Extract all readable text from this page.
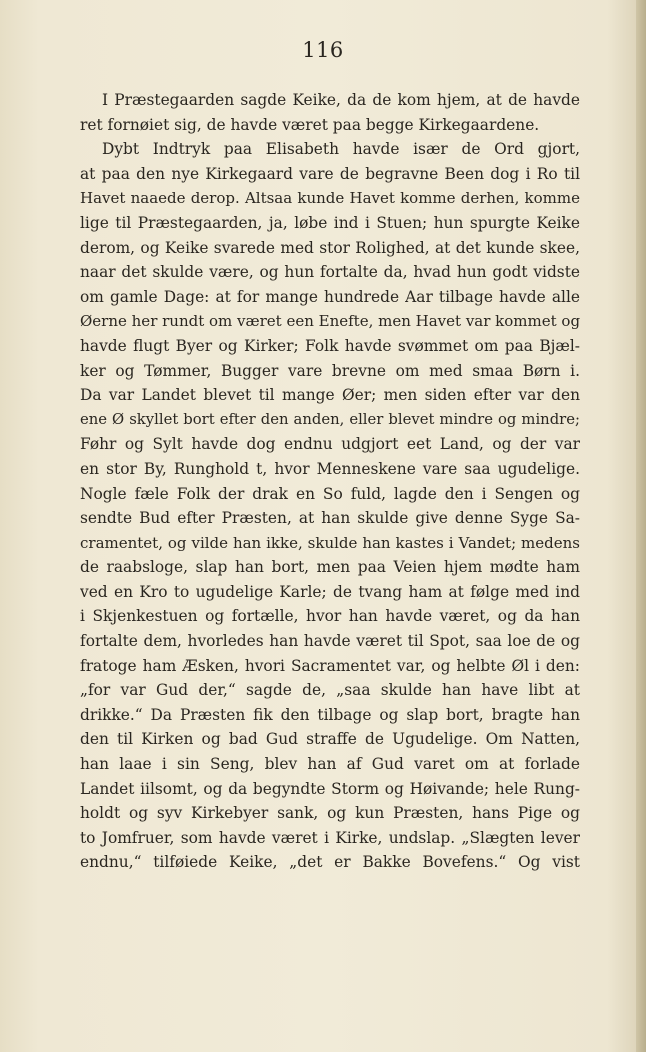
116
I Præstegaarden sagde Keike, da de kom hjem, at de havde
ret fornøiet sig, de havde været paa begge Kirkegaardene.
Dybt Indtryk paa Elisabeth havde især de Ord gjort,
at paa den nye Kirkegaard vare de begravne Been dog i Ro til
Havet naaede derop. Altsaa kunde Havet komme derhen, komme
lige til Præstegaarden, ja, løbe ind i Stuen; hun spurgte Keike
derom, og Keike svarede med stor Rolighed, at det kunde skee,
naar det skulde være, og hun fortalte da, hvad hun godt vidste
om gamle Dage: at for mange hundrede Aar tilbage havde alle
Øerne her rundt om været een Enefte, men Havet var kommet og
havde flugt Byer og Kirker; Folk havde svømmet om paa Bjæl-
ker og Tømmer, Bugger vare brevne om med smaa Børn i.
Da var Landet blevet til mange Øer; men siden efter var den
ene Ø skyllet bort efter den anden, eller blevet mindre og mindre;
Føhr og Sylt havde dog endnu udgjort eet Land, og der var
en stor By, Runghold t, hvor Menneskene vare saa ugudelige.
Nogle fæle Folk der drak en So fuld, lagde den i Sengen og
sendte Bud efter Præsten, at han skulde give denne Syge Sa-
cramentet, og vilde han ikke, skulde han kastes i Vandet; medens
de raabsloge, slap han bort, men paa Veien hjem mødte ham
ved en Kro to ugudelige Karle; de tvang ham at følge med ind
i Skjenkestuen og fortælle, hvor han havde været, og da han
fortalte dem, hvorledes han havde været til Spot, saa loe de og
fratoge ham Æsken, hvori Sacramentet var, og helbte Øl i den:
„for var Gud der,“ sagde de, „saa skulde han have libt at
drikke.“ Da Præsten fik den tilbage og slap bort, bragte han
den til Kirken og bad Gud straffe de Ugudelige. Om Natten,
han laae i sin Seng, blev han af Gud varet om at forlade
Landet iilsomt, og da begyndte Storm og Høivande; hele Rung-
holdt og syv Kirkebyer sank, og kun Præsten, hans Pige og
to Jomfruer, som havde været i Kirke, undslap. „Slægten lever
endnu,“ tilføiede Keike, „det er Bakke Bovefens.“ Og vist
